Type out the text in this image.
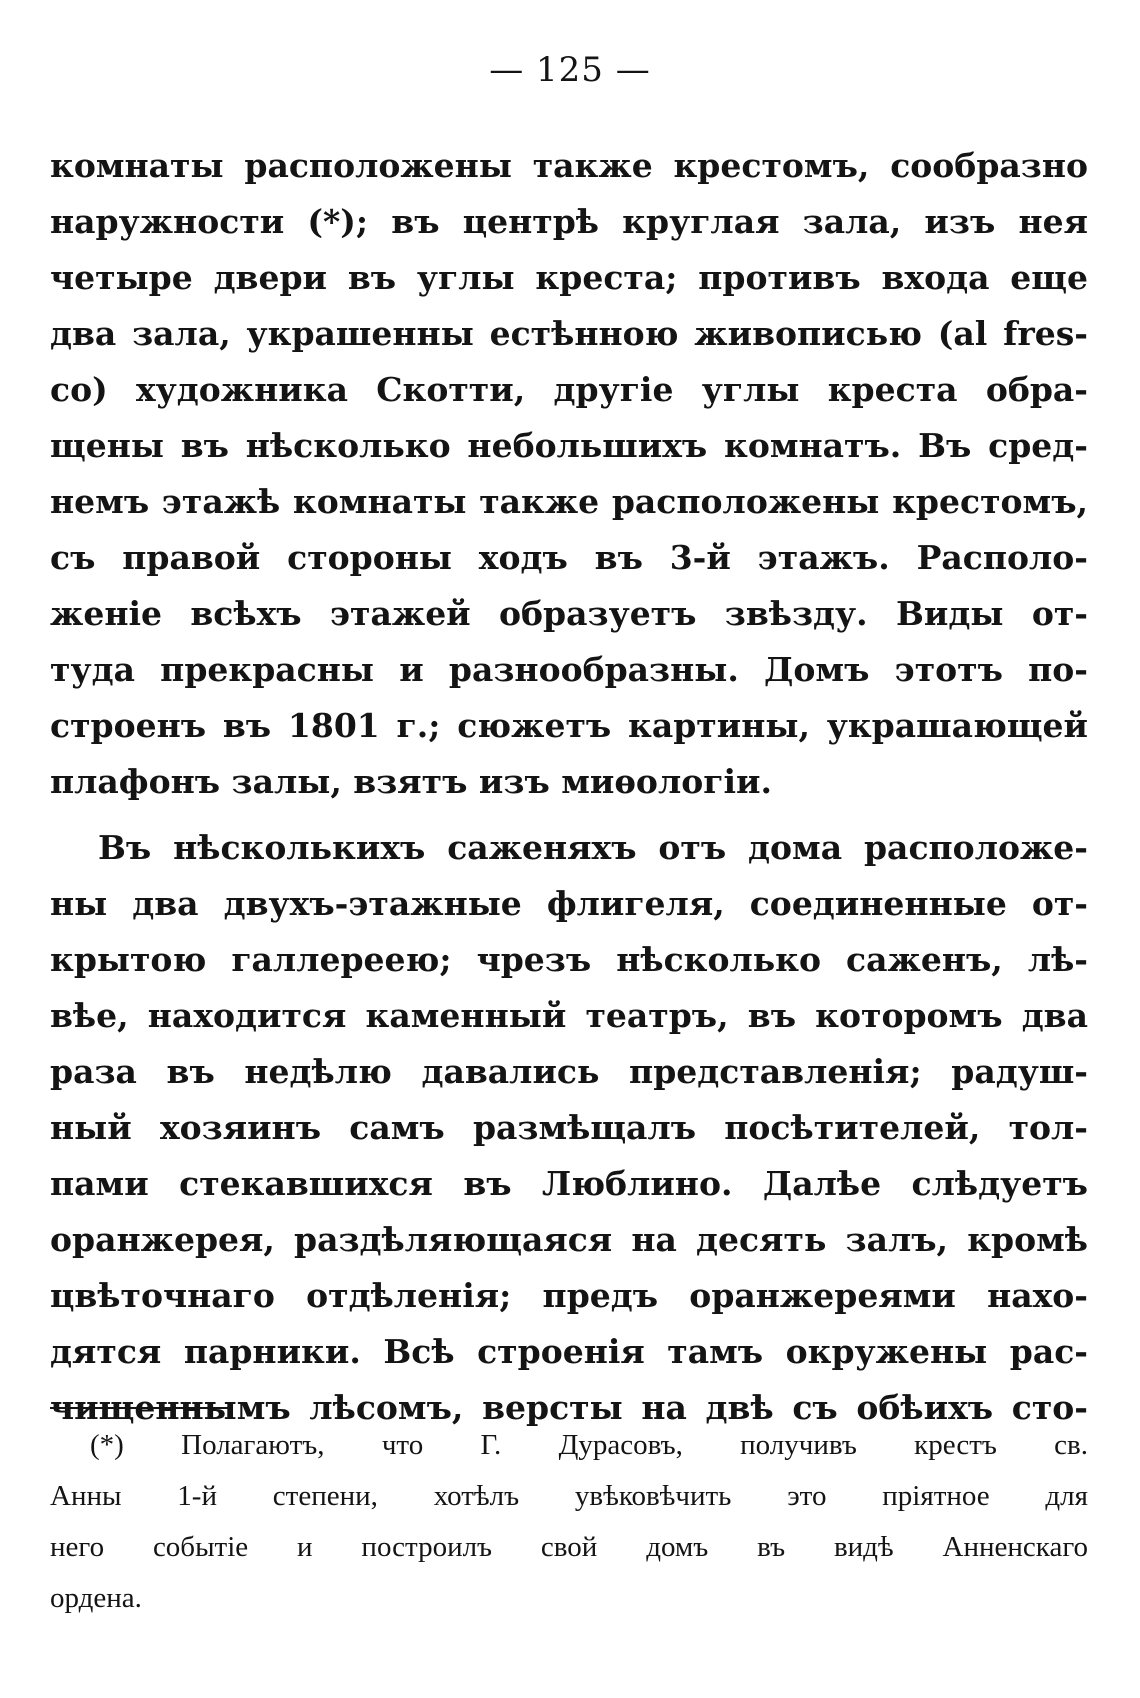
— 125 —
комнаты расположены также крестомъ, сообразно
наружности (*); въ центрѣ круглая зала, изъ нея
четыре двери въ углы креста; противъ входа еще
два зала, украшенны естѣнною живописью (al fres-
co) художника Скотти, другіе углы креста обра-
щены въ нѣсколько небольшихъ комнатъ. Въ сред-
немъ этажѣ комнаты также расположены крестомъ,
съ правой стороны ходъ въ 3-й этажъ. Располо-
женіе всѣхъ этажей образуетъ звѣзду. Виды от-
туда прекрасны и разнообразны. Домъ этотъ по-
строенъ въ 1801 г.; сюжетъ картины, украшающей
плафонъ залы, взятъ изъ миѳологіи.
Въ нѣсколькихъ саженяхъ отъ дома расположе-
ны два двухъ-этажные флигеля, соединенные от-
крытою галлереею; чрезъ нѣсколько саженъ, лѣ-
вѣе, находится каменный театръ, въ которомъ два
раза въ недѣлю давались представленія; радуш-
ный хозяинъ самъ размѣщалъ посѣтителей, тол-
пами стекавшихся въ Люблино. Далѣе слѣдуетъ
оранжерея, раздѣляющаяся на десять залъ, кромѣ
цвѣточнаго отдѣленія; предъ оранжереями нахо-
дятся парники. Всѣ строенія тамъ окружены рас-
чищеннымъ лѣсомъ, версты на двѣ съ обѣихъ сто-
(*) Полагаютъ, что Г. Дурасовъ, получивъ крестъ св.
Анны 1-й степени, хотѣлъ увѣковѣчить это пріятное для
него событіе и построилъ свой домъ въ видѣ Анненскаго
ордена.
